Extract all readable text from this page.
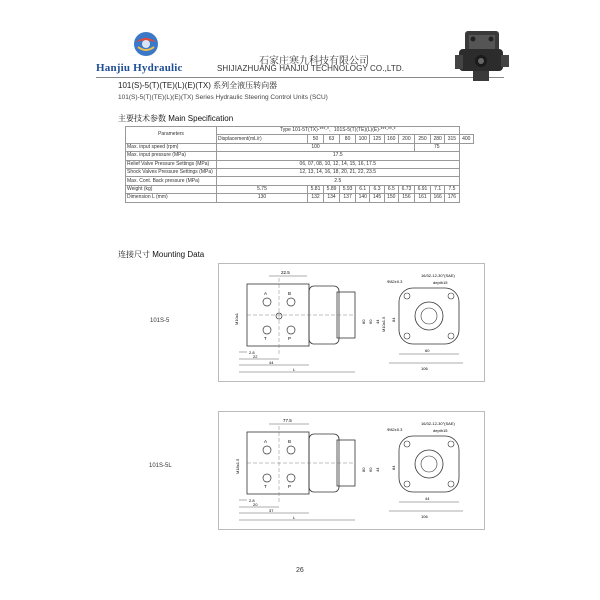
Hanjiu Hydraulic
石家庄寒九科技有限公司
SHIJIAZHUANG HANJIU TECHNOLOGY CO.,LTD.
101(S)-5(T)(TE)(L)(E)(TX) 系列全液压转向器
101(S)-5(T)(TE)(L)(E)(TX) Series Hydraulic Steering Control Units (SCU)
主要技术参数 Main Specification
Parameters	Type 101-5T(TX)-***-*、101S-5(T)(TE)(L)(E)-***-**-*											
	Displacement(mL/r)	50	63	80	100	125	160	200	250	280	315	400
Max. input speed (rpm)	100								75			
Max. input pressure (MPa)	17.5											
Relief Valve Pressure Settings (MPa)	06, 07, 08, 10, 12, 14, 15, 16, 17.5											
Shock Valves Pressure Settings (MPa)	12, 13, 14, 16, 18, 20, 21, 22, 23.5											
Max. Cont. Back pressure (MPa)	2.5											
Weight (kg)	5.75	5.81	5.89	5.93	6.1	6.3	6.5	6.73	6.91	7.1	7.5	
Dimension L (mm)	130	132	134	137	140	145	150	156	161	166	176	
连接尺寸 Mounting Data
101S-5
101S-5L
A	B
T	P
22.5
M10x1
2.8
22
44
L
80 60 44 M10x1.5
Φ82±0.3
16/32-12-30°(SAE)
depth15
84
60
106
A	B
T	P
77.5
M18x1.5
2.8
20
37
L
80 60 44
Φ82±0.3
16/32-12-30°(SAE)
depth15
84
44
106
26
